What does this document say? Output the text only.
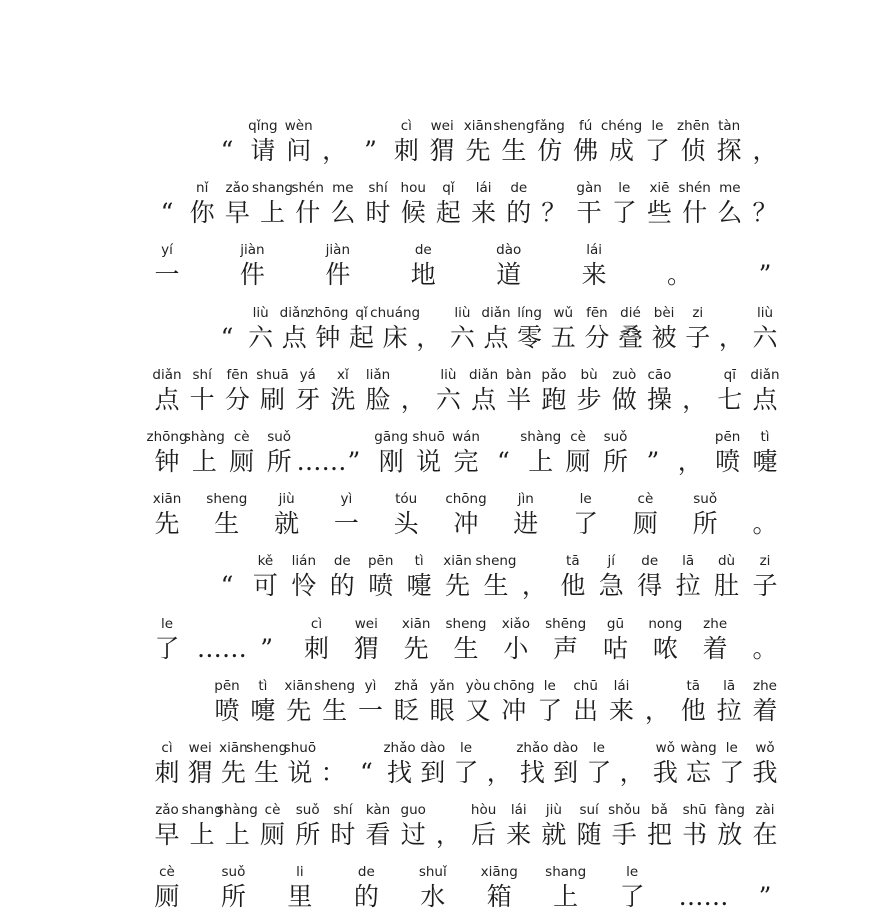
“
qǐng
请
wèn
问 ， ”
cì
刺
wei
猬
xiān
先
sheng
生
fǎng
仿
fú
佛
chéng
成
le
了
zhēn
侦
tàn
探 ，
“
nǐ
你
zǎo
早
shang
上
shén
什
me
么
shí
时
hou
候
qǐ
起
lái
来
de
的 ？
gàn
干
le
了
xiē
些
shén
什
me
么 ？
yí
一
jiàn
件
jiàn
件
de
地
dào
道
lái
来	。	”
“
liù
六
diǎn
点
zhōng
钟
qǐ
起
chuáng
床 ，
liù
六
diǎn
点
líng
零
wǔ
五
fēn
分
dié
叠
bèi
被
zi
子 ，
liù
六
diǎn
点
shí
十
fēn
分
shuā
刷
yá
牙
xǐ
洗
liǎn
脸 ，
liù
六
diǎn
点
bàn
半
pǎo
跑
bù
步
zuò
做
cāo
操 ，
qī
七
diǎn
点
zhōng
钟
shàng
上
cè
厕
suǒ
所 …… ”
gāng
刚
shuō
说
wán
完 “
shàng
上
cè
厕
suǒ
所 ” ，
pēn
喷
tì
嚏
xiān
先
sheng
生
jiù
就
yì
一
tóu
头
chōng
冲
jìn
进
le
了
cè
厕
suǒ
所	。
“
kě
可
lián
怜
de
的
pēn
喷
tì
嚏
xiān
先
sheng
生 ，
tā
他
jí
急
de
得
lā
拉
dù
肚
zi
子
le
了 …… ”
cì
刺
wei
猬
xiān
先
sheng
生
xiǎo
小
shēng
声
gū
咕
nong
哝
zhe
着 。
pēn
喷
tì
嚏
xiān
先
sheng
生
yì
一
zhǎ
眨
yǎn
眼
yòu
又
chōng
冲
le
了
chū
出
lái
来 ，
tā
他
lā
拉
zhe
着
cì
刺
wei
猬
xiān
先
sheng
生
shuō
说 ： “
zhǎo
找
dào
到
le
了 ，
zhǎo
找
dào
到
le
了 ，
wǒ
我
wàng
忘
le
了
wǒ
我
zǎo
早
shang
上
shàng
上
cè
厕
suǒ
所
shí
时
kàn
看
guo
过 ，
hòu
后
lái
来
jiù
就
suí
随
shǒu
手
bǎ
把
shū
书
fàng
放
zài
在
cè
厕
suǒ
所
li
里
de
的
shuǐ
水
xiāng
箱
shang
上
le
了	……	”
